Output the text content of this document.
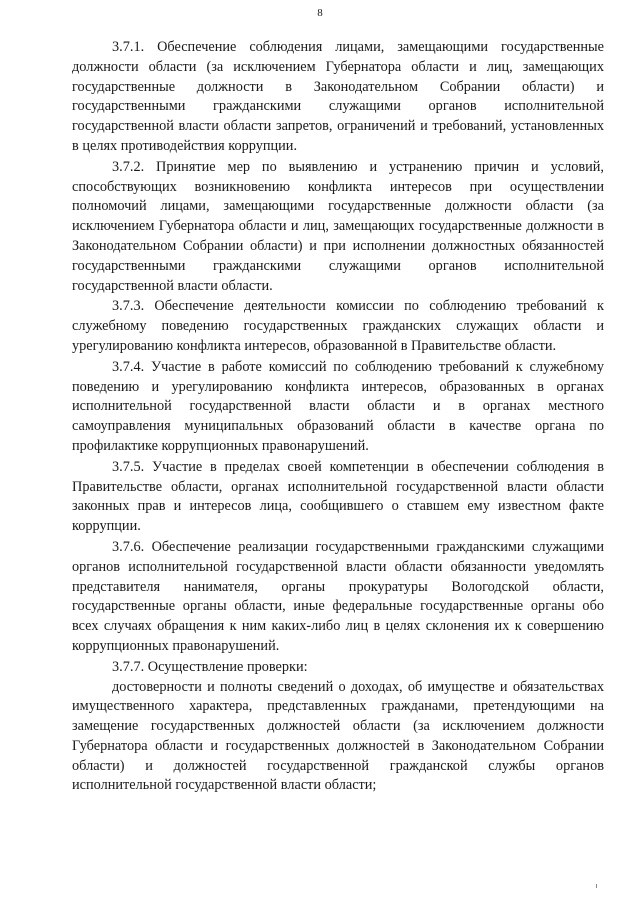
8

3.7.1. Обеспечение соблюдения лицами, замещающими государственные должности области (за исключением Губернатора области и лиц, замещающих государственные должности в Законодательном Собрании области) и государственными гражданскими служащими органов исполнительной государственной власти области запретов, ограничений и требований, установленных в целях противодействия коррупции.

3.7.2. Принятие мер по выявлению и устранению причин и условий, способствующих возникновению конфликта интересов при осуществлении полномочий лицами, замещающими государственные должности области (за исключением Губернатора области и лиц, замещающих государственные должности в Законодательном Собрании области) и при исполнении должностных обязанностей государственными гражданскими служащими органов исполнительной государственной власти области.

3.7.3. Обеспечение деятельности комиссии по соблюдению требований к служебному поведению государственных гражданских служащих области и урегулированию конфликта интересов, образованной в Правительстве области.

3.7.4. Участие в работе комиссий по соблюдению требований к служебному поведению и урегулированию конфликта интересов, образованных в органах исполнительной государственной власти области и в органах местного самоуправления муниципальных образований области в качестве органа по профилактике коррупционных правонарушений.

3.7.5. Участие в пределах своей компетенции в обеспечении соблюдения в Правительстве области, органах исполнительной государственной власти области законных прав и интересов лица, сообщившего о ставшем ему известном факте коррупции.

3.7.6. Обеспечение реализации государственными гражданскими служащими органов исполнительной государственной власти области обязанности уведомлять представителя нанимателя, органы прокуратуры Вологодской области, государственные органы области, иные федеральные государственные органы обо всех случаях обращения к ним каких-либо лиц в целях склонения их к совершению коррупционных правонарушений.

3.7.7. Осуществление проверки:

достоверности и полноты сведений о доходах, об имуществе и обязательствах имущественного характера, представленных гражданами, претендующими на замещение государственных должностей области (за исключением должности Губернатора области и государственных должностей в Законодательном Собрании области) и должностей государственной гражданской службы органов исполнительной государственной власти области;
